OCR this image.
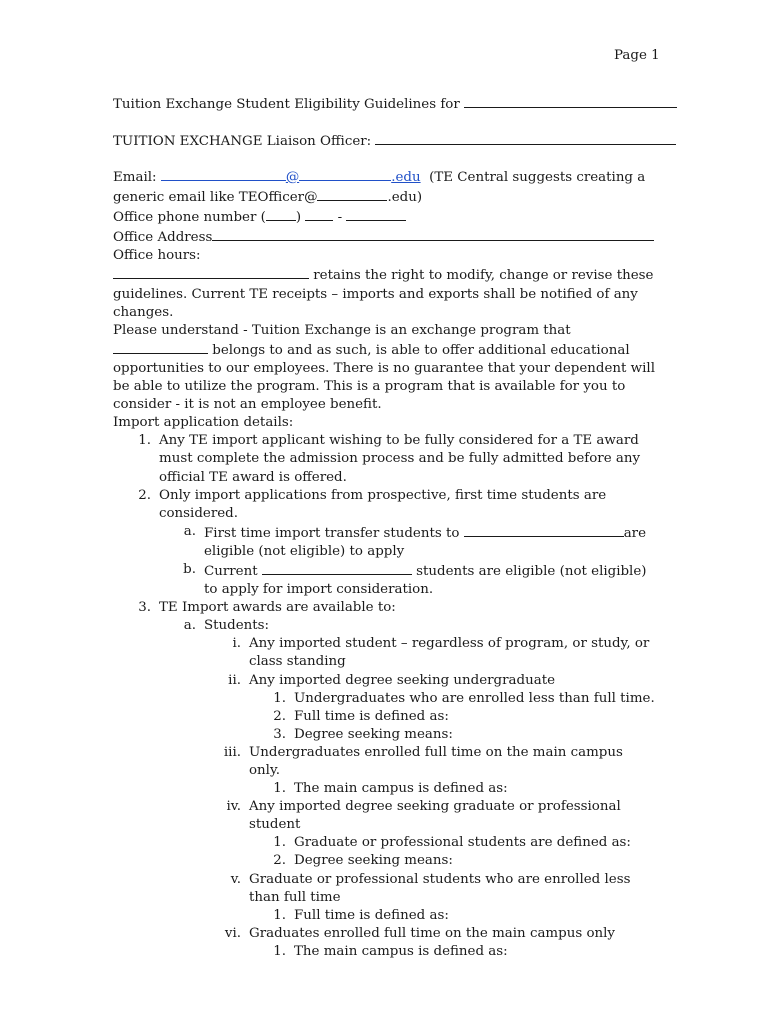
Page 1

Tuition Exchange Student Eligibility Guidelines for

TUITION EXCHANGE Liaison Officer:

Email:	@	.edu (TE Central suggests creating a

generic email like TEOfficer@	.edu)

Office phone number ( )	-

Office Address

Office hours:

retains the right to modify, change or revise these guidelines. Current TE receipts – imports and exports shall be notified of any changes.

Please understand - Tuition Exchange is an exchange program that  belongs to and as such, is able to offer additional educational opportunities to our employees. There is no guarantee that your dependent will be able to utilize the program. This is a program that is available for you to consider - it is not an employee benefit.

Import application details:

1. Any TE import applicant wishing to be fully considered for a TE award must complete the admission process and be fully admitted before any official TE award is offered.
2. Only import applications from prospective, first time students are considered.
a. First time import transfer students to	are eligible (not eligible) to apply
b. Current	students are eligible (not eligible) to apply for import consideration.
3. TE Import awards are available to:
a. Students:
i. Any imported student – regardless of program, or study, or class standing
ii. Any imported degree seeking undergraduate
1. Undergraduates who are enrolled less than full time.
2. Full time is defined as:
3. Degree seeking means:
iii. Undergraduates enrolled full time on the main campus only.
1. The main campus is defined as:
iv. Any imported degree seeking graduate or professional student
1. Graduate or professional students are defined as:
2. Degree seeking means:
v. Graduate or professional students who are enrolled less than full time
1. Full time is defined as:
vi. Graduates enrolled full time on the main campus only
1. The main campus is defined as:
